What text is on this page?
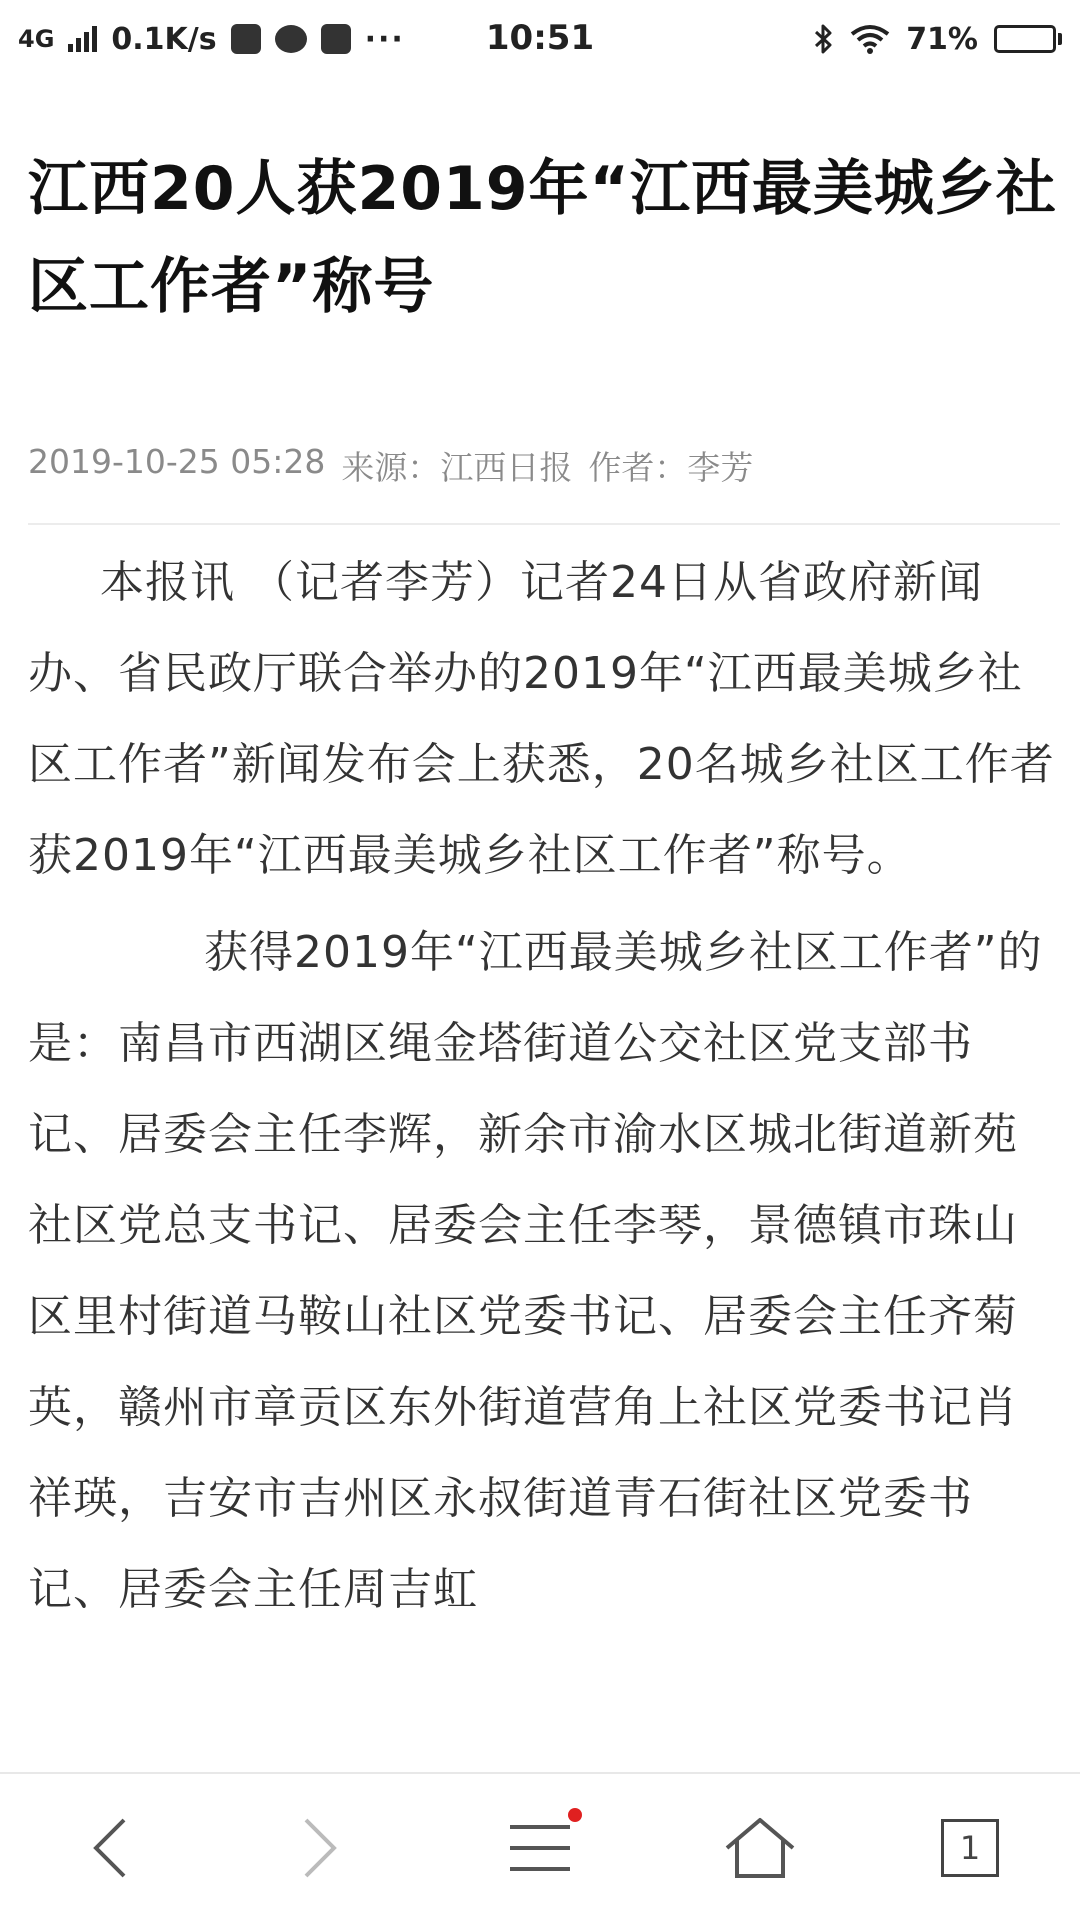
4G 0.1K/s	···	10:51	71%
江西20人获2019年“江西最美城乡社区工作者”称号
2019-10-25 05:28 来源：江西日报 作者：李芳

本报讯 （记者李芳）记者24日从省政府新闻办、省民政厅联合举办的2019年“江西最美城乡社区工作者”新闻发布会上获悉，20名城乡社区工作者获2019年“江西最美城乡社区工作者”称号。

获得2019年“江西最美城乡社区工作者”的是：南昌市西湖区绳金塔街道公交社区党支部书记、居委会主任李辉，新余市渝水区城北街道新苑社区党总支书记、居委会主任李琴，景德镇市珠山区里村街道马鞍山社区党委书记、居委会主任齐菊英，赣州市章贡区东外街道营角上社区党委书记肖祥瑛，吉安市吉州区永叔街道青石街社区党委书记、居委会主任周吉虹

1
